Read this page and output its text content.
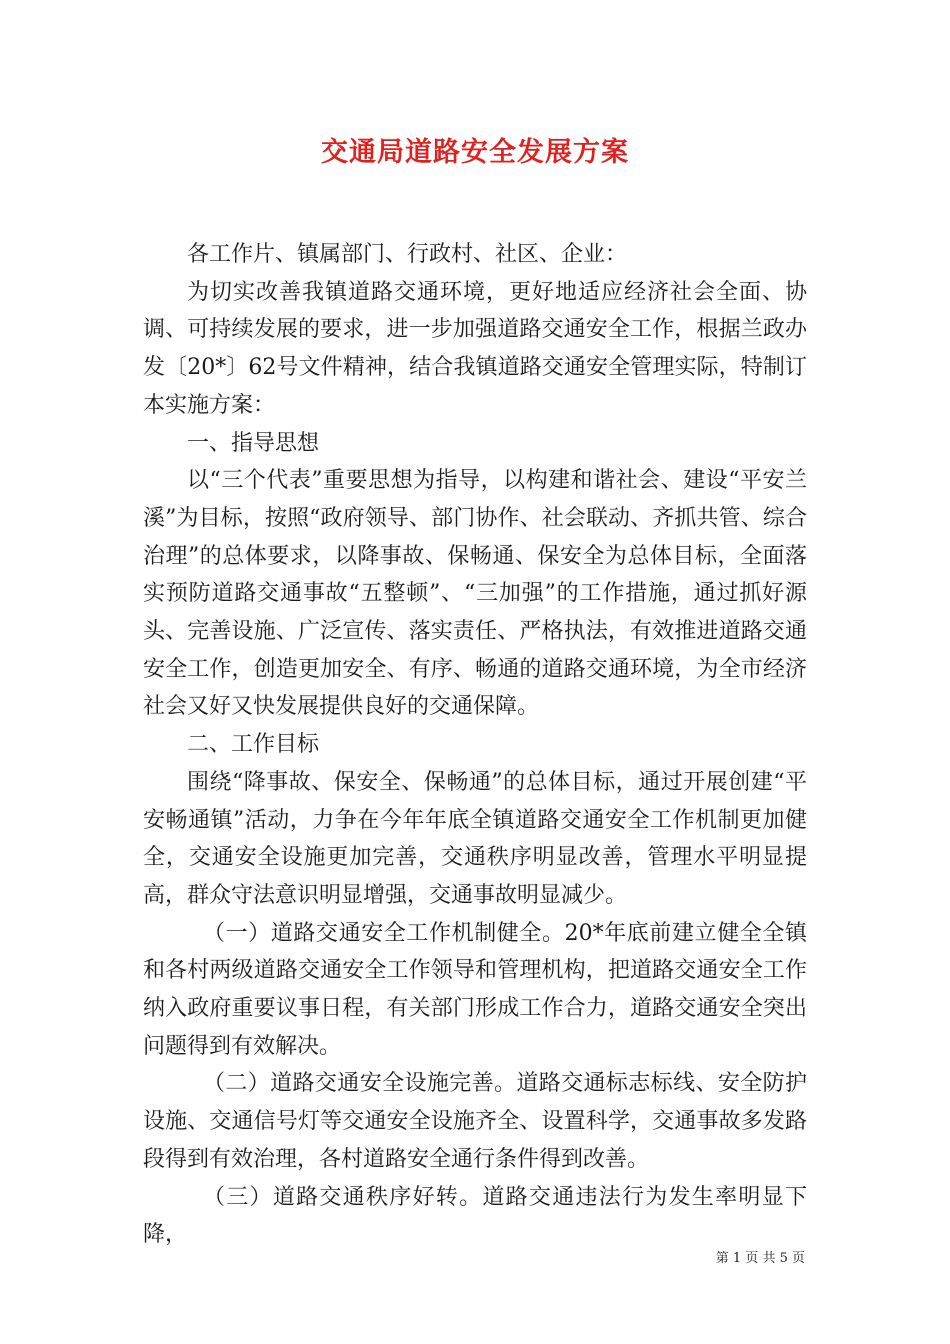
交通局道路安全发展方案

各工作片、镇属部门、行政村、社区、企业：

为切实改善我镇道路交通环境，更好地适应经济社会全面、协调、可持续发展的要求，进一步加强道路交通安全工作，根据兰政办发〔20*〕62号文件精神，结合我镇道路交通安全管理实际，特制订本实施方案：

一、指导思想

以“三个代表”重要思想为指导，以构建和谐社会、建设“平安兰溪”为目标，按照“政府领导、部门协作、社会联动、齐抓共管、综合治理”的总体要求，以降事故、保畅通、保安全为总体目标，全面落实预防道路交通事故“五整顿”、“三加强”的工作措施，通过抓好源头、完善设施、广泛宣传、落实责任、严格执法，有效推进道路交通安全工作，创造更加安全、有序、畅通的道路交通环境，为全市经济社会又好又快发展提供良好的交通保障。

二、工作目标

围绕“降事故、保安全、保畅通”的总体目标，通过开展创建“平安畅通镇”活动，力争在今年年底全镇道路交通安全工作机制更加健全，交通安全设施更加完善，交通秩序明显改善，管理水平明显提高，群众守法意识明显增强，交通事故明显减少。

（一）道路交通安全工作机制健全。20*年底前建立健全全镇和各村两级道路交通安全工作领导和管理机构，把道路交通安全工作纳入政府重要议事日程，有关部门形成工作合力，道路交通安全突出问题得到有效解决。

（二）道路交通安全设施完善。道路交通标志标线、安全防护设施、交通信号灯等交通安全设施齐全、设置科学，交通事故多发路段得到有效治理，各村道路安全通行条件得到改善。

（三）道路交通秩序好转。道路交通违法行为发生率明显下降，

第 1 页 共 5 页
